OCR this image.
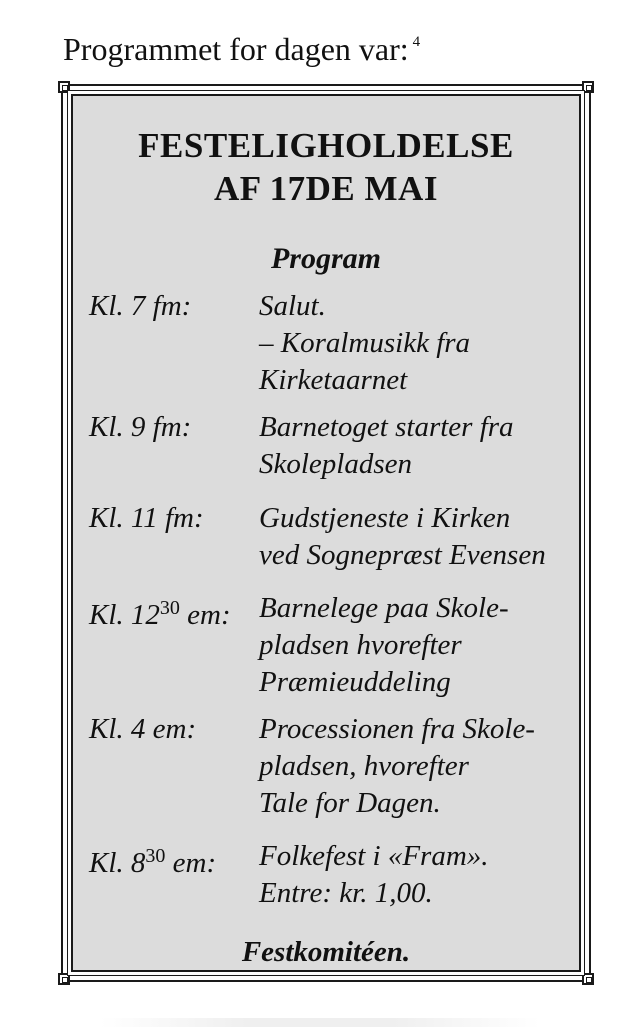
Programmet for dagen var: $^4$
FESTELIGHOLDELSE
AF 17DE MAI
Program
Kl. 7 fm: Salut.
– Koralmusikk fra
Kirketaarnet
Kl. 9 fm: Barnetoget starter fra
Skolepladsen
Kl. 11 fm: Gudstjeneste i Kirken
ved Sognepræst Evensen
Kl. $12^{30}$ em: Barnelege paa Skole-
pladsen hvorefter
Præmieuddeling
Kl. 4 em: Processionen fra Skole-
pladsen, hvorefter
Tale for Dagen.
Kl. $8^{30}$ em: Folkefest i «Fram».
Entre: kr. 1,00.
Festkomitéen.
